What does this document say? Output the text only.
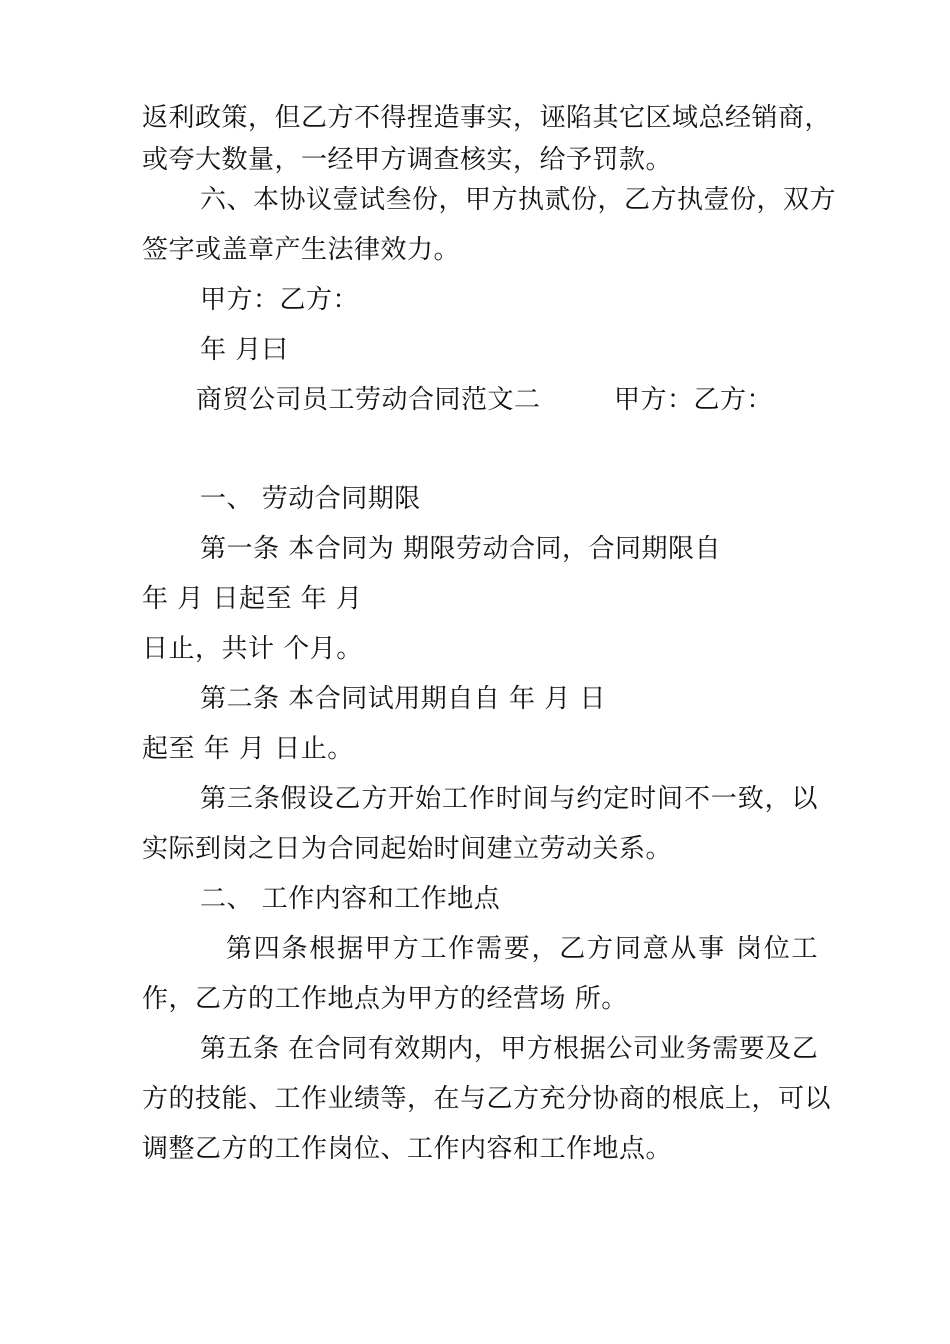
返利政策，但乙方不得捏造事实，诬陷其它区域总经销商，
或夸大数量，一经甲方调查核实，给予罚款。
六、本协议壹试叁份，甲方执贰份，乙方执壹份，双方
签字或盖章产生法律效力。
甲方：乙方：
年 月曰
商贸公司员工劳动合同范文二	甲方：乙方：
一、 劳动合同期限
第一条 本合同为 期限劳动合同，合同期限自
年 月 日起至 年 月
日止，共计 个月。
第二条 本合同试用期自自 年 月 日
起至 年 月 日止。
第三条假设乙方开始工作时间与约定时间不一致，以
实际到岗之日为合同起始时间建立劳动关系。
二、 工作内容和工作地点
第四条根据甲方工作需要，乙方同意从事 岗位工
作，乙方的工作地点为甲方的经营场 所。
第五条 在合同有效期内，甲方根据公司业务需要及乙
方的技能、工作业绩等，在与乙方充分协商的根底上，可以
调整乙方的工作岗位、工作内容和工作地点。
